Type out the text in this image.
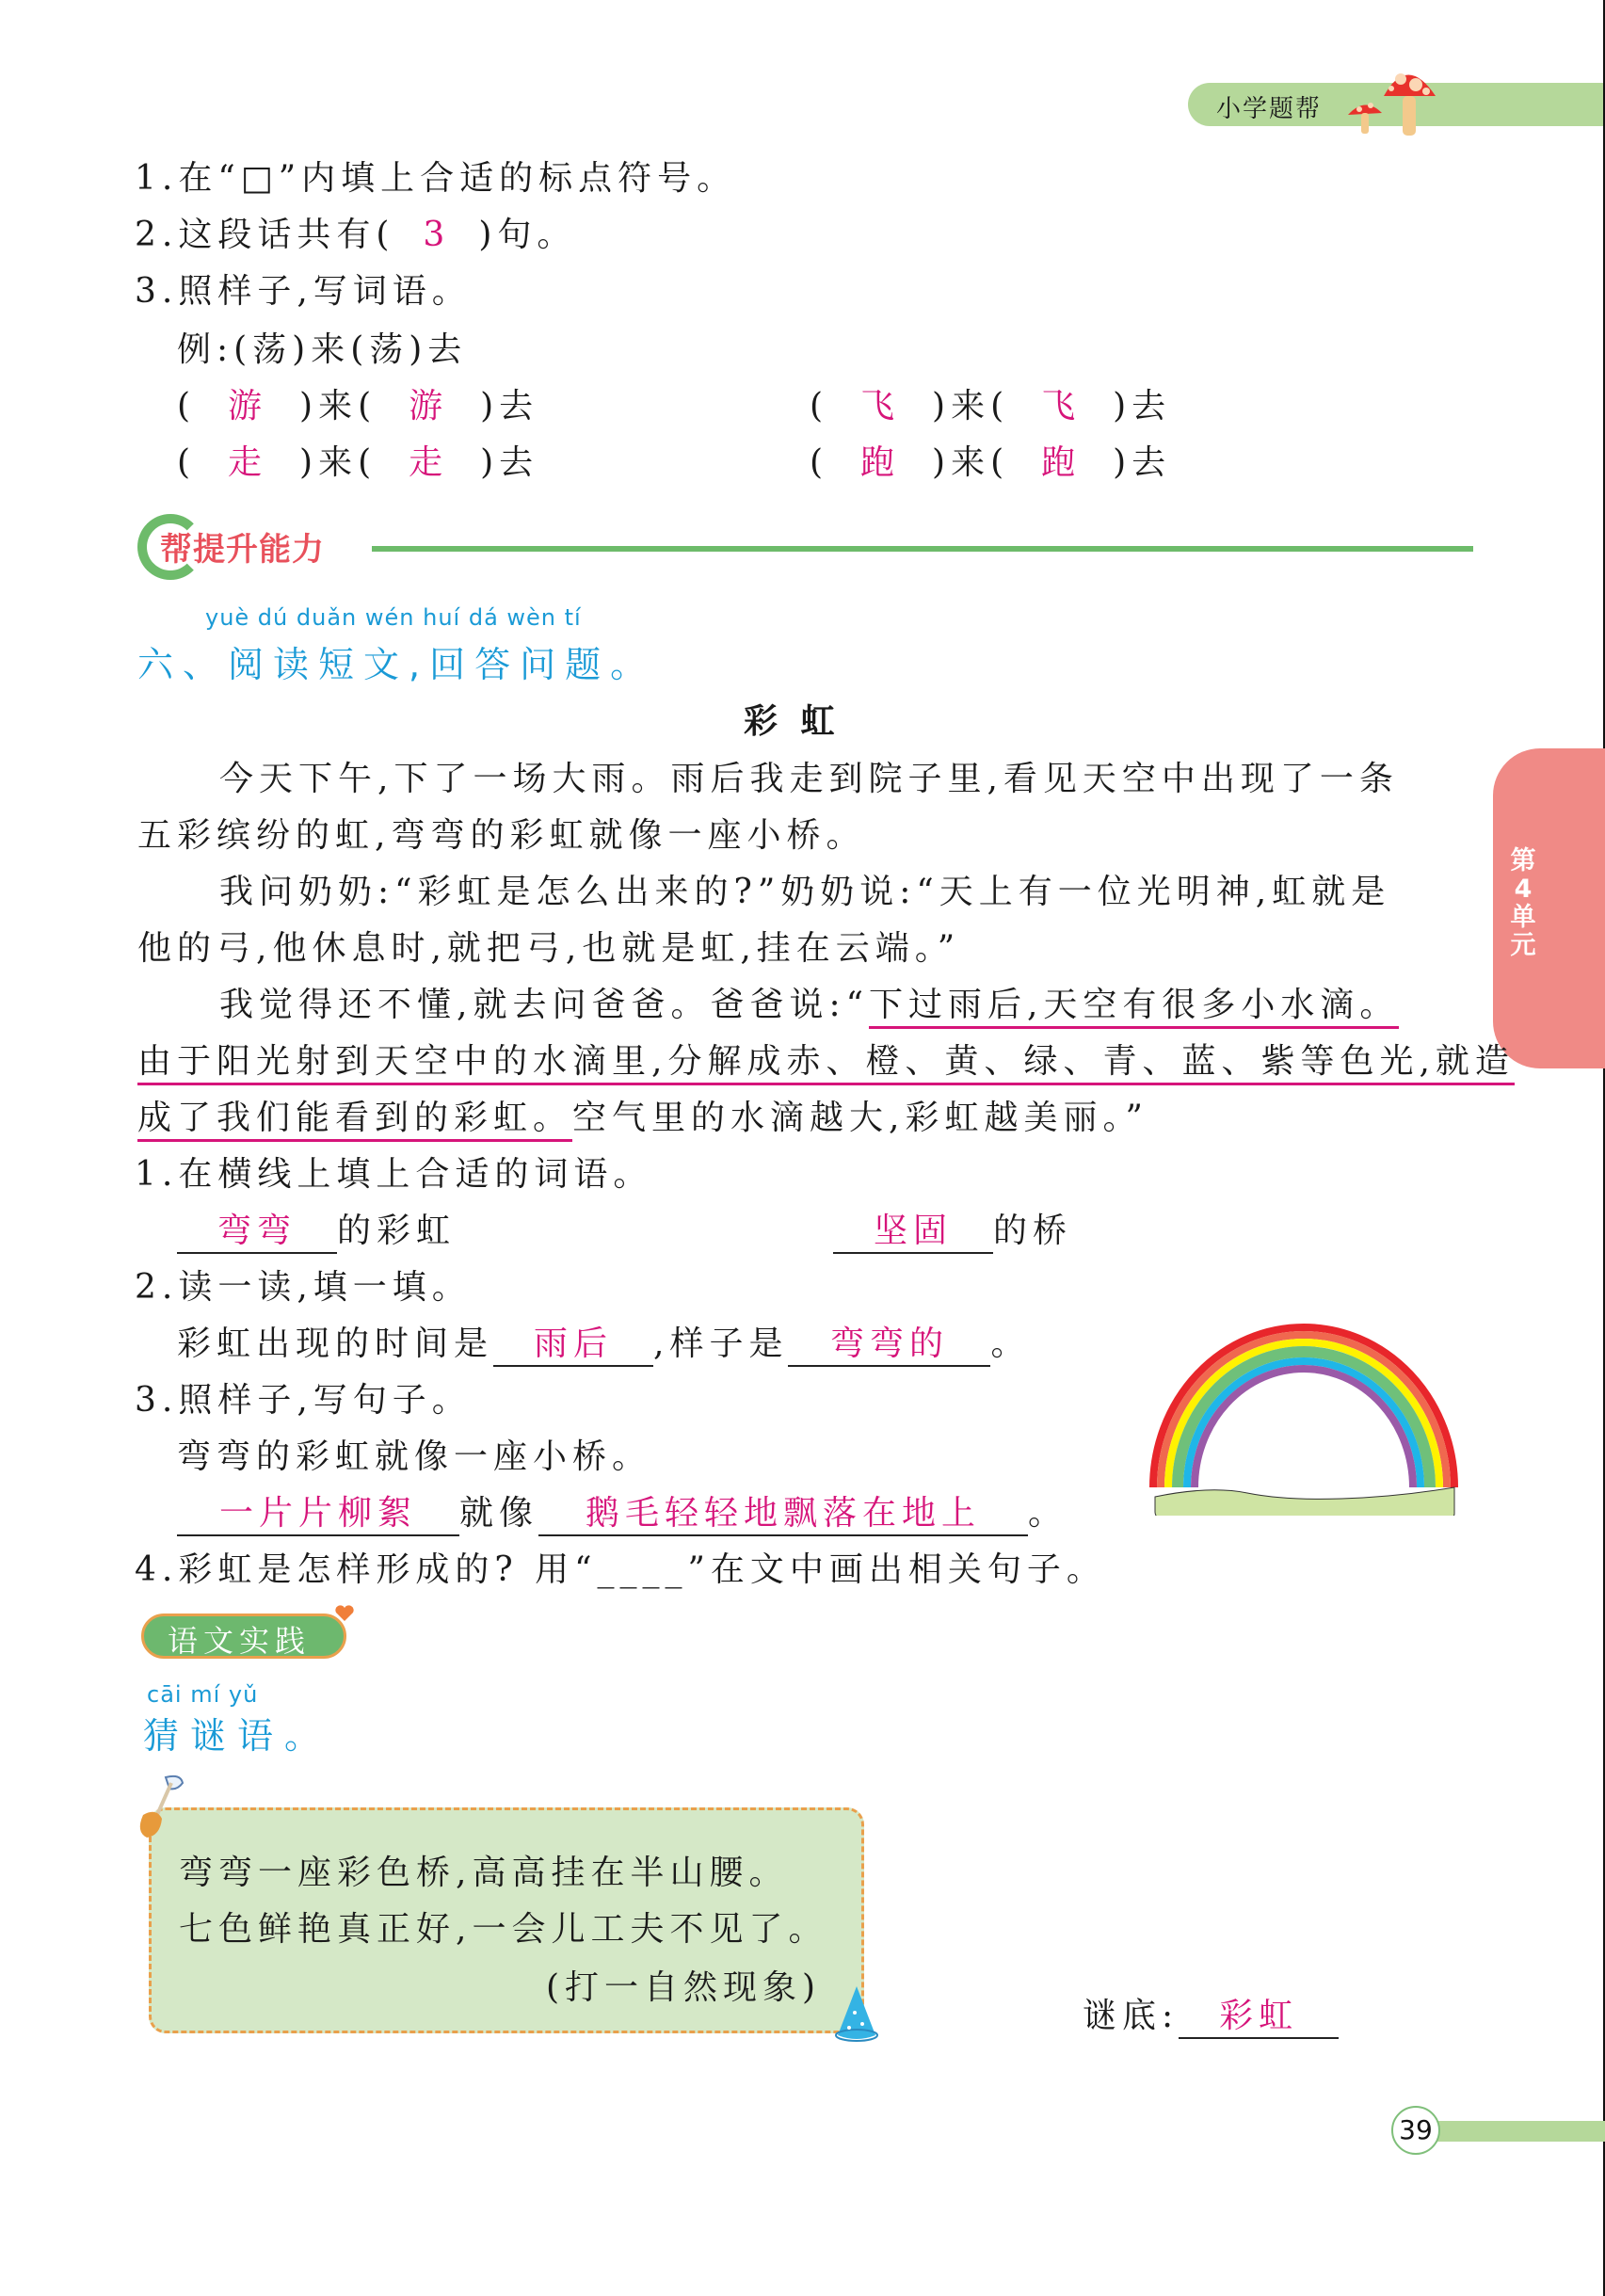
小学题帮
第4单元
1.在“□”内填上合适的标点符号。
2.这段话共有( 3 )句。
3.照样子,写词语。
例:(荡)来(荡)去
( 游 )来( 游 )去	( 飞 )来( 飞 )去
( 走 )来( 走 )去	( 跑 )来( 跑 )去
帮提升能力
yuè dú duǎn wén huí dá wèn tí
六、阅读短文,回答问题。
彩 虹
今天下午,下了一场大雨。雨后我走到院子里,看见天空中出现了一条
五彩缤纷的虹,弯弯的彩虹就像一座小桥。
我问奶奶:“彩虹是怎么出来的?”奶奶说:“天上有一位光明神,虹就是
他的弓,他休息时,就把弓,也就是虹,挂在云端。”
我觉得还不懂,就去问爸爸。爸爸说:“下过雨后,天空有很多小水滴。
由于阳光射到天空中的水滴里,分解成赤、橙、黄、绿、青、蓝、紫等色光,就造
成了我们能看到的彩虹。空气里的水滴越大,彩虹越美丽。”
1.在横线上填上合适的词语。
弯弯 的彩虹	坚固 的桥
2.读一读,填一填。
彩虹出现的时间是 雨后 ,样子是 弯弯的 。
3.照样子,写句子。
弯弯的彩虹就像一座小桥。
一片片柳絮 就像 鹅毛轻轻地飘落在地上 。
4.彩虹是怎样形成的? 用“____”在文中画出相关句子。
语文实践
cāi mí yǔ
猜谜语。
弯弯一座彩色桥,高高挂在半山腰。
七色鲜艳真正好,一会儿工夫不见了。
(打一自然现象)
谜底: 彩虹
39
